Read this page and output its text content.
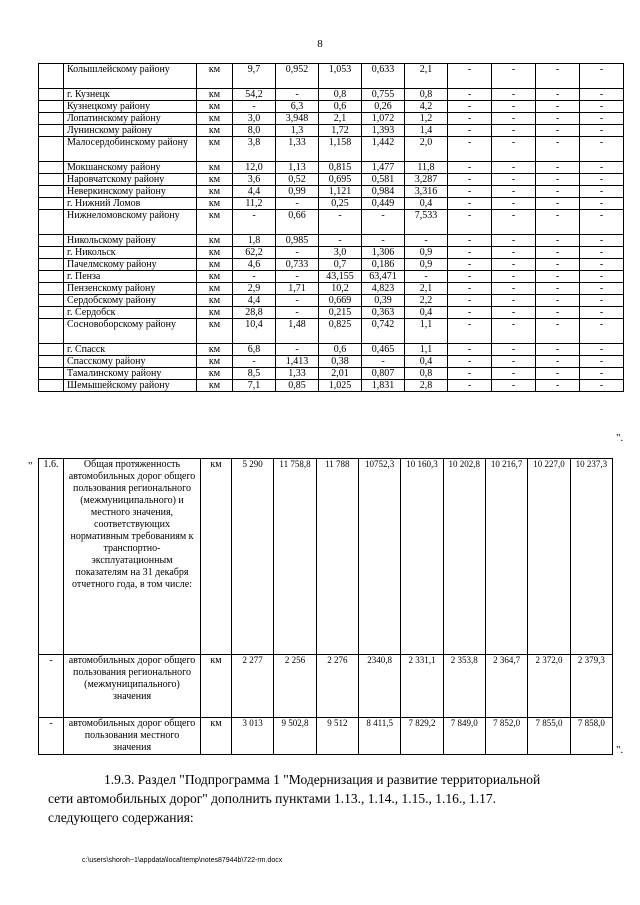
8
	Колышлейскому району	км	9,7	0,952	1,053	0,633	2,1	-	-	-	-
	г. Кузнецк	км	54,2	-	0,8	0,755	0,8	-	-	-	-
	Кузнецкому району	км	-	6,3	0,6	0,26	4,2	-	-	-	-
	Лопатинскому району	км	3,0	3,948	2,1	1,072	1,2	-	-	-	-
	Лунинскому району	км	8,0	1,3	1,72	1,393	1,4	-	-	-	-
	Малосердобинскому району	км	3,8	1,33	1,158	1,442	2,0	-	-	-	-
	Мокшанскому району	км	12,0	1,13	0,815	1,477	11,8	-	-	-	-
	Наровчатскому району	км	3,6	0,52	0,695	0,581	3,287	-	-	-	-
	Неверкинскому району	км	4,4	0,99	1,121	0,984	3,316	-	-	-	-
	г. Нижний Ломов	км	11,2	-	0,25	0,449	0,4	-	-	-	-
	Нижнеломовскому району	км	-	0,66	-	-	7,533	-	-	-	-
	Никольскому району	км	1,8	0,985	-	-	-	-	-	-	-
	г. Никольск	км	62,2	-	3,0	1,306	0,9	-	-	-	-
	Пачелмскому району	км	4,6	0,733	0,7	0,186	0,9	-	-	-	-
	г. Пенза	км	-	-	43,155	63,471	-	-	-	-	-
	Пензенскому району	км	2,9	1,71	10,2	4,823	2,1	-	-	-	-
	Сердобскому району	км	4,4	-	0,669	0,39	2,2	-	-	-	-
	г. Сердобск	км	28,8	-	0,215	0,363	0,4	-	-	-	-
	Сосновоборскому району	км	10,4	1,48	0,825	0,742	1,1	-	-	-	-
	г. Спасск	км	6,8	-	0,6	0,465	1,1	-	-	-	-
	Спасскому району	км	-	1,413	0,38	-	0,4	-	-	-	-
	Тамалинскому району	км	8,5	1,33	2,01	0,807	0,8	-	-	-	-
	Шемышейскому району	км	7,1	0,85	1,025	1,831	2,8	-	-	-	-
".
" 1.6.	Общая протяженность автомобильных дорог общего пользования регионального (межмуниципального) и местного значения, соответствующих нормативным требованиям к транспортно-эксплуатационным показателям на 31 декабря отчетного года, в том числе:	км	5 290	11 758,8	11 788	10752,3	10 160,3	10 202,8	10 216,7	10 227,0	10 237,3
-	автомобильных дорог общего пользования регионального (межмуниципального) значения	км	2 277	2 256	2 276	2340,8	2 331,1	2 353,8	2 364,7	2 372,0	2 379,3
-	автомобильных дорог общего пользования местного значения	км	3 013	9 502,8	9 512	8 411,5	7 829,2	7 849,0	7 852,0	7 855,0	7 858,0
".
1.9.3. Раздел "Подпрограмма 1 "Модернизация и развитие территориальной
сети автомобильных дорог" дополнить пунктами 1.13., 1.14., 1.15., 1.16., 1.17.
следующего содержания:
c:\users\shoroh~1\appdata\local\temp\notes87944b\722-rm.docx
